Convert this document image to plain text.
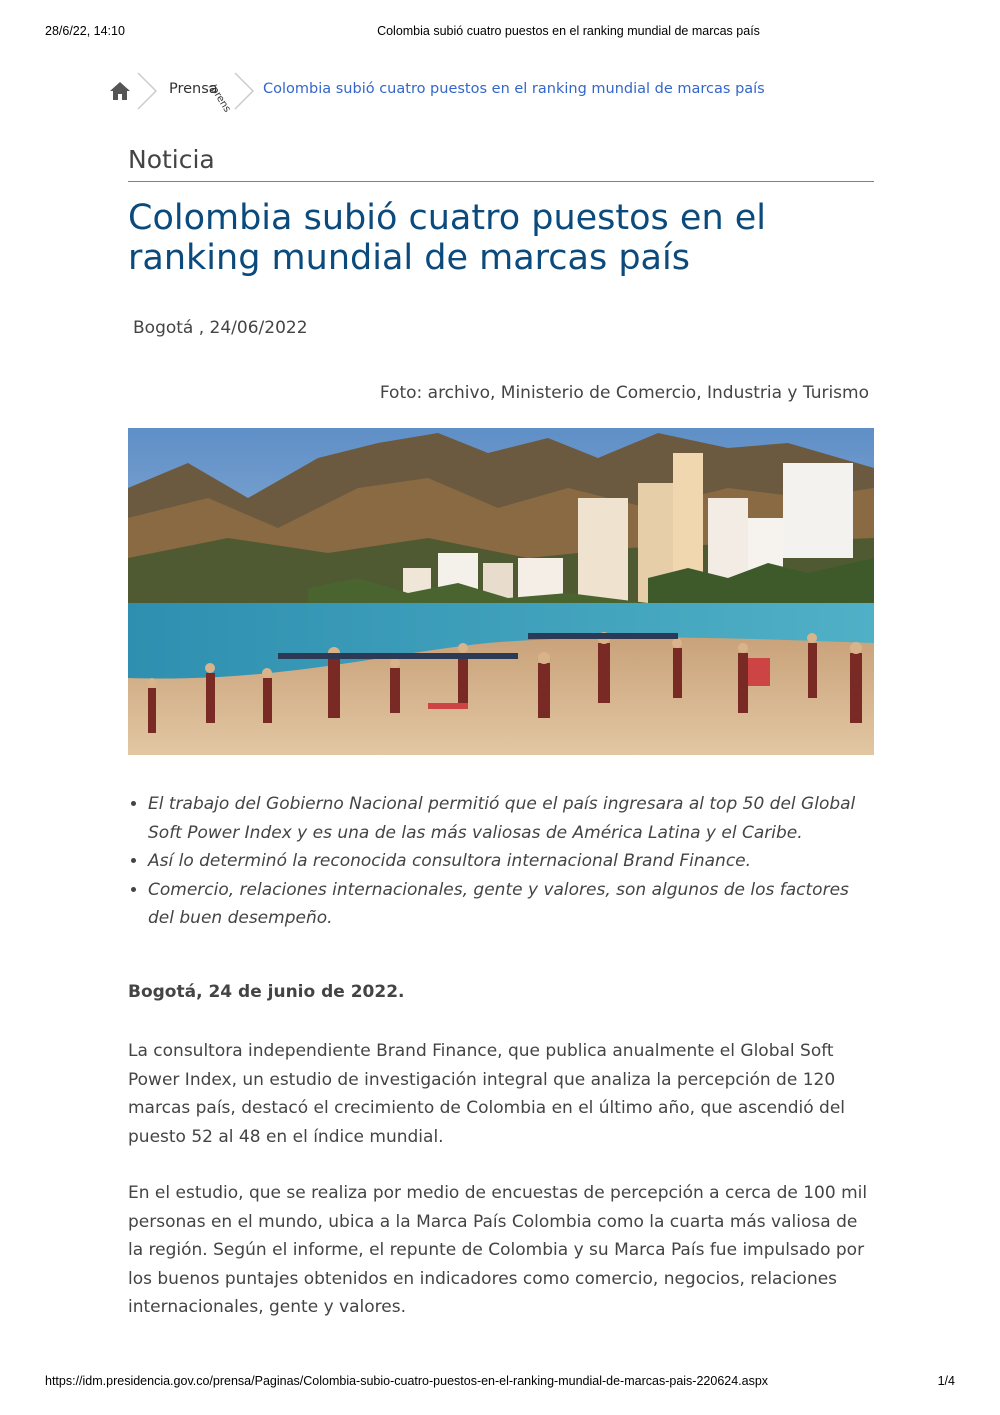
28/6/22, 14:10	Colombia subió cuatro puestos en el ranking mundial de marcas país
Prensa
/prens Colombia subió cuatro puestos en el ranking mundial de marcas país
Noticia
Colombia subió cuatro puestos en el ranking mundial de marcas país
Bogotá , 24/06/2022
Foto: archivo, Ministerio de Comercio, Industria y Turismo
• El trabajo del Gobierno Nacional permitió que el país ingresara al top 50 del Global Soft Power Index y es una de las más valiosas de América Latina y el Caribe.
• Así lo determinó la reconocida consultora internacional Brand Finance.
• Comercio, relaciones internacionales, gente y valores, son algunos de los factores del buen desempeño.

Bogotá, 24 de junio de 2022.

La consultora independiente Brand Finance, que publica anualmente el Global Soft Power Index, un estudio de investigación integral que analiza la percepción de 120 marcas país, destacó el crecimiento de Colombia en el último año, que ascendió del puesto 52 al 48 en el índice mundial.

En el estudio, que se realiza por medio de encuestas de percepción a cerca de 100 mil personas en el mundo, ubica a la Marca País Colombia como la cuarta más valiosa de la región. Según el informe, el repunte de Colombia y su Marca País fue impulsado por los buenos puntajes obtenidos en indicadores como comercio, negocios, relaciones internacionales, gente y valores.

https://idm.presidencia.gov.co/prensa/Paginas/Colombia-subio-cuatro-puestos-en-el-ranking-mundial-de-marcas-pais-220624.aspx	1/4
